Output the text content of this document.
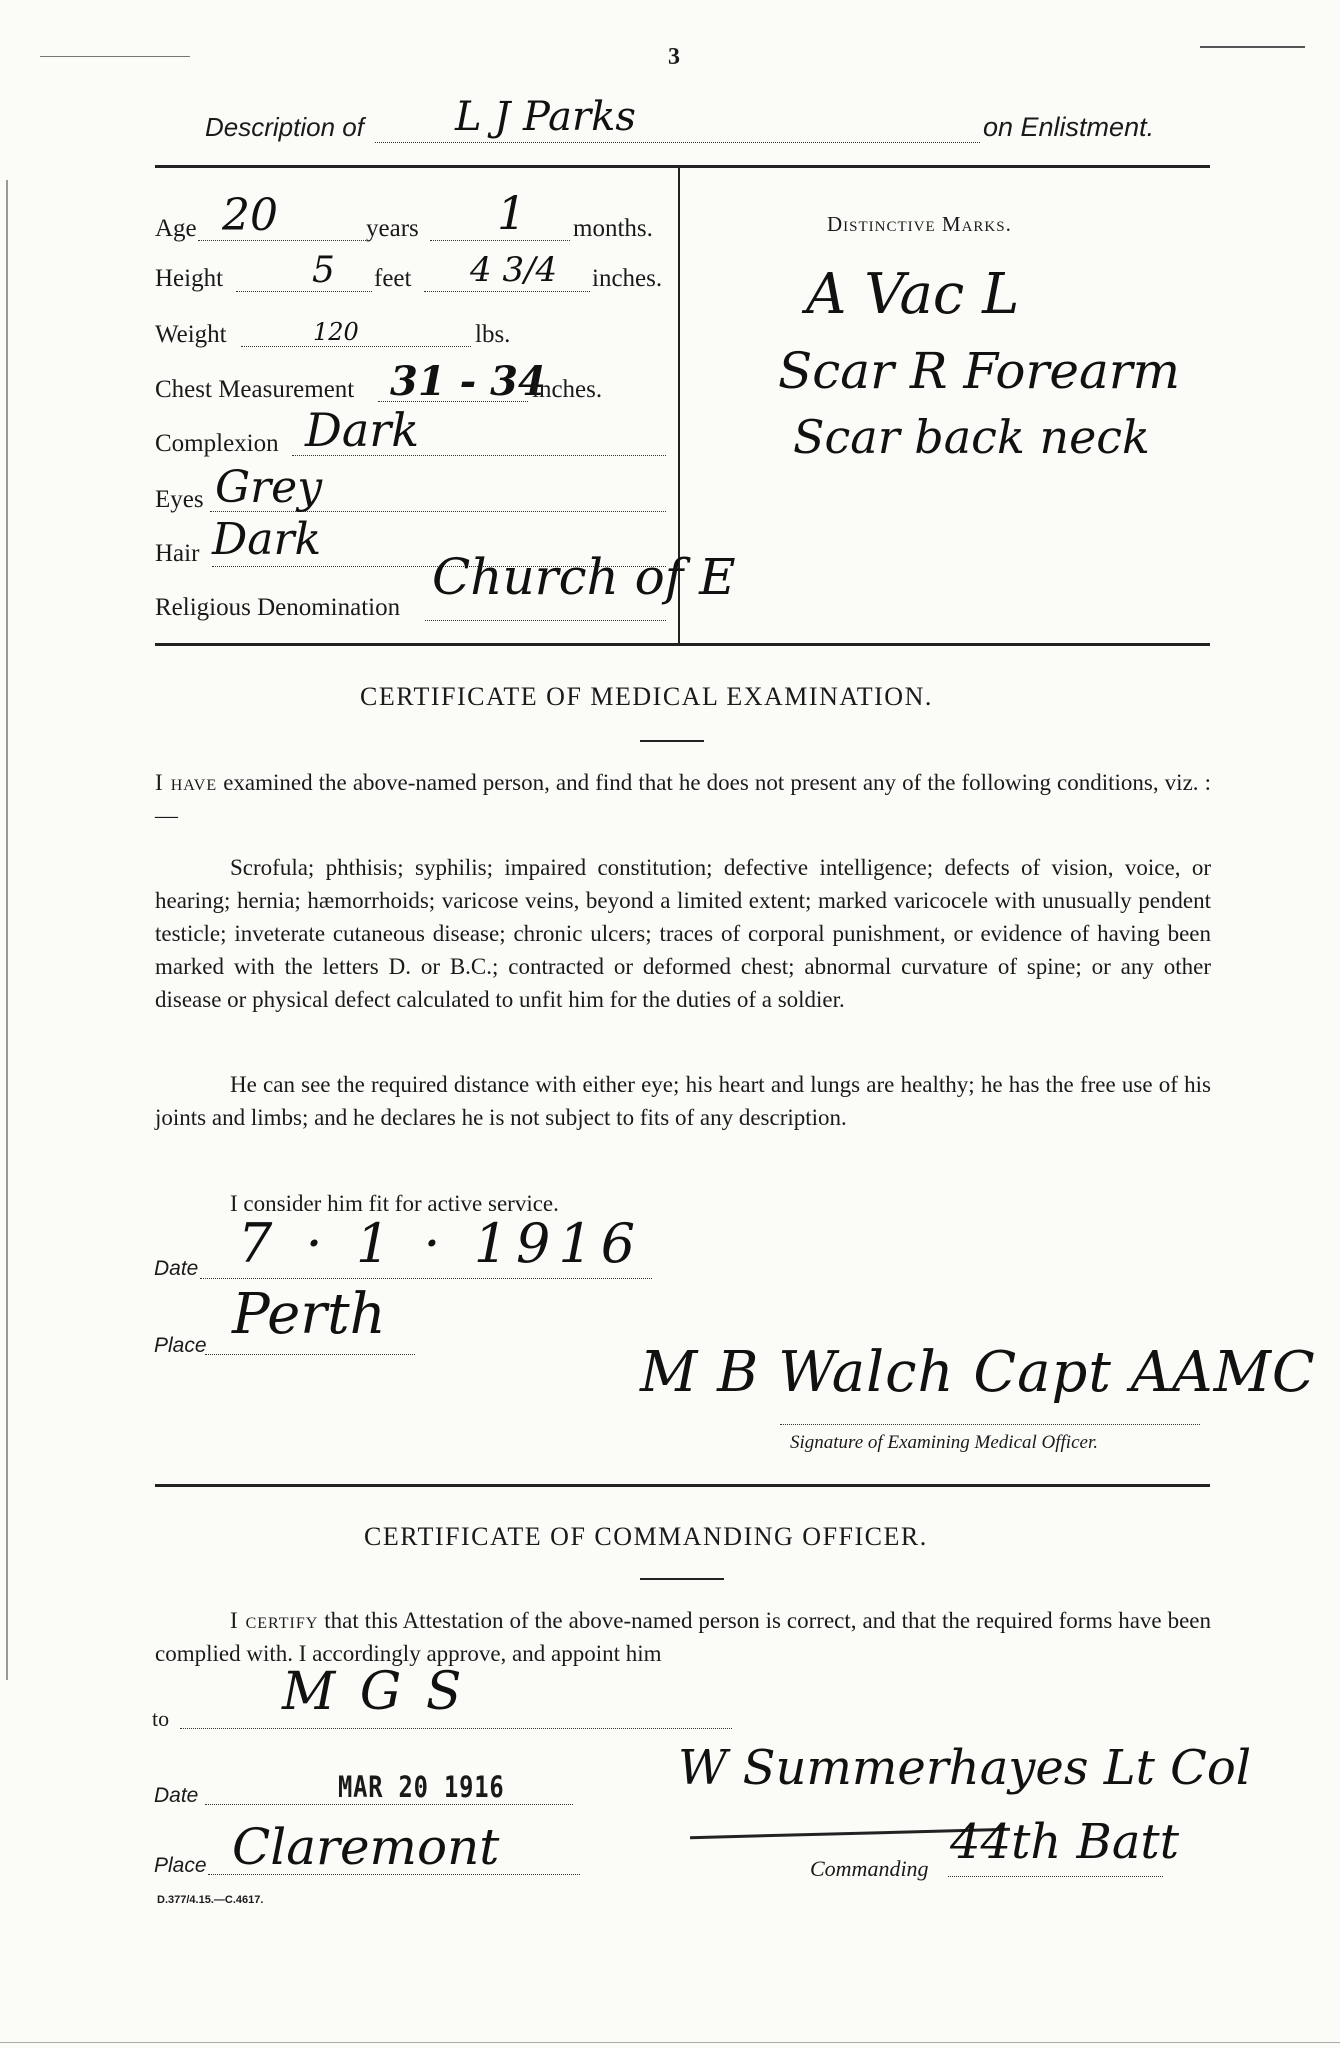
3
Description of L J Parks	on Enlistment.
Age 20	years 1 months.
Height 5 feet 4 3/4 inches.
Weight	120	lbs.
Chest Measurement 31 - 34
inches.
Complexion Dark
Eyes Grey
Hair Dark
Religious Denomination
Church of E
Distinctive Marks.
A Vac L
Scar R Forearm
Scar back neck
CERTIFICATE OF MEDICAL EXAMINATION.
I have examined the above-named person, and find that he does not present any of the following conditions, viz. :—
Scrofula; phthisis; syphilis; impaired constitution; defective intelligence; defects of vision, voice, or hearing; hernia; hæmorrhoids; varicose veins, beyond a limited extent; marked varicocele with unusually pendent testicle; inveterate cutaneous disease; chronic ulcers; traces of corporal punishment, or evidence of having been marked with the letters D. or B.C.; contracted or deformed chest; abnormal curvature of spine; or any other disease or physical defect calculated to unfit him for the duties of a soldier.
He can see the required distance with either eye; his heart and lungs are healthy; he has the free use of his joints and limbs; and he declares he is not subject to fits of any description.
I consider him fit for active service.
Date 7 · 1 · 1916
Place Perth
M B Walch Capt AAMC
Signature of Examining Medical Officer.
CERTIFICATE OF COMMANDING OFFICER.
I certify that this Attestation of the above-named person is correct, and that the required forms have been complied with. I accordingly approve, and appoint him
to M G S
Date	MAR 20 1916
Place Claremont
W Summerhayes Lt Col
Commanding 44th Batt
D.377/4.15.—C.4617.
